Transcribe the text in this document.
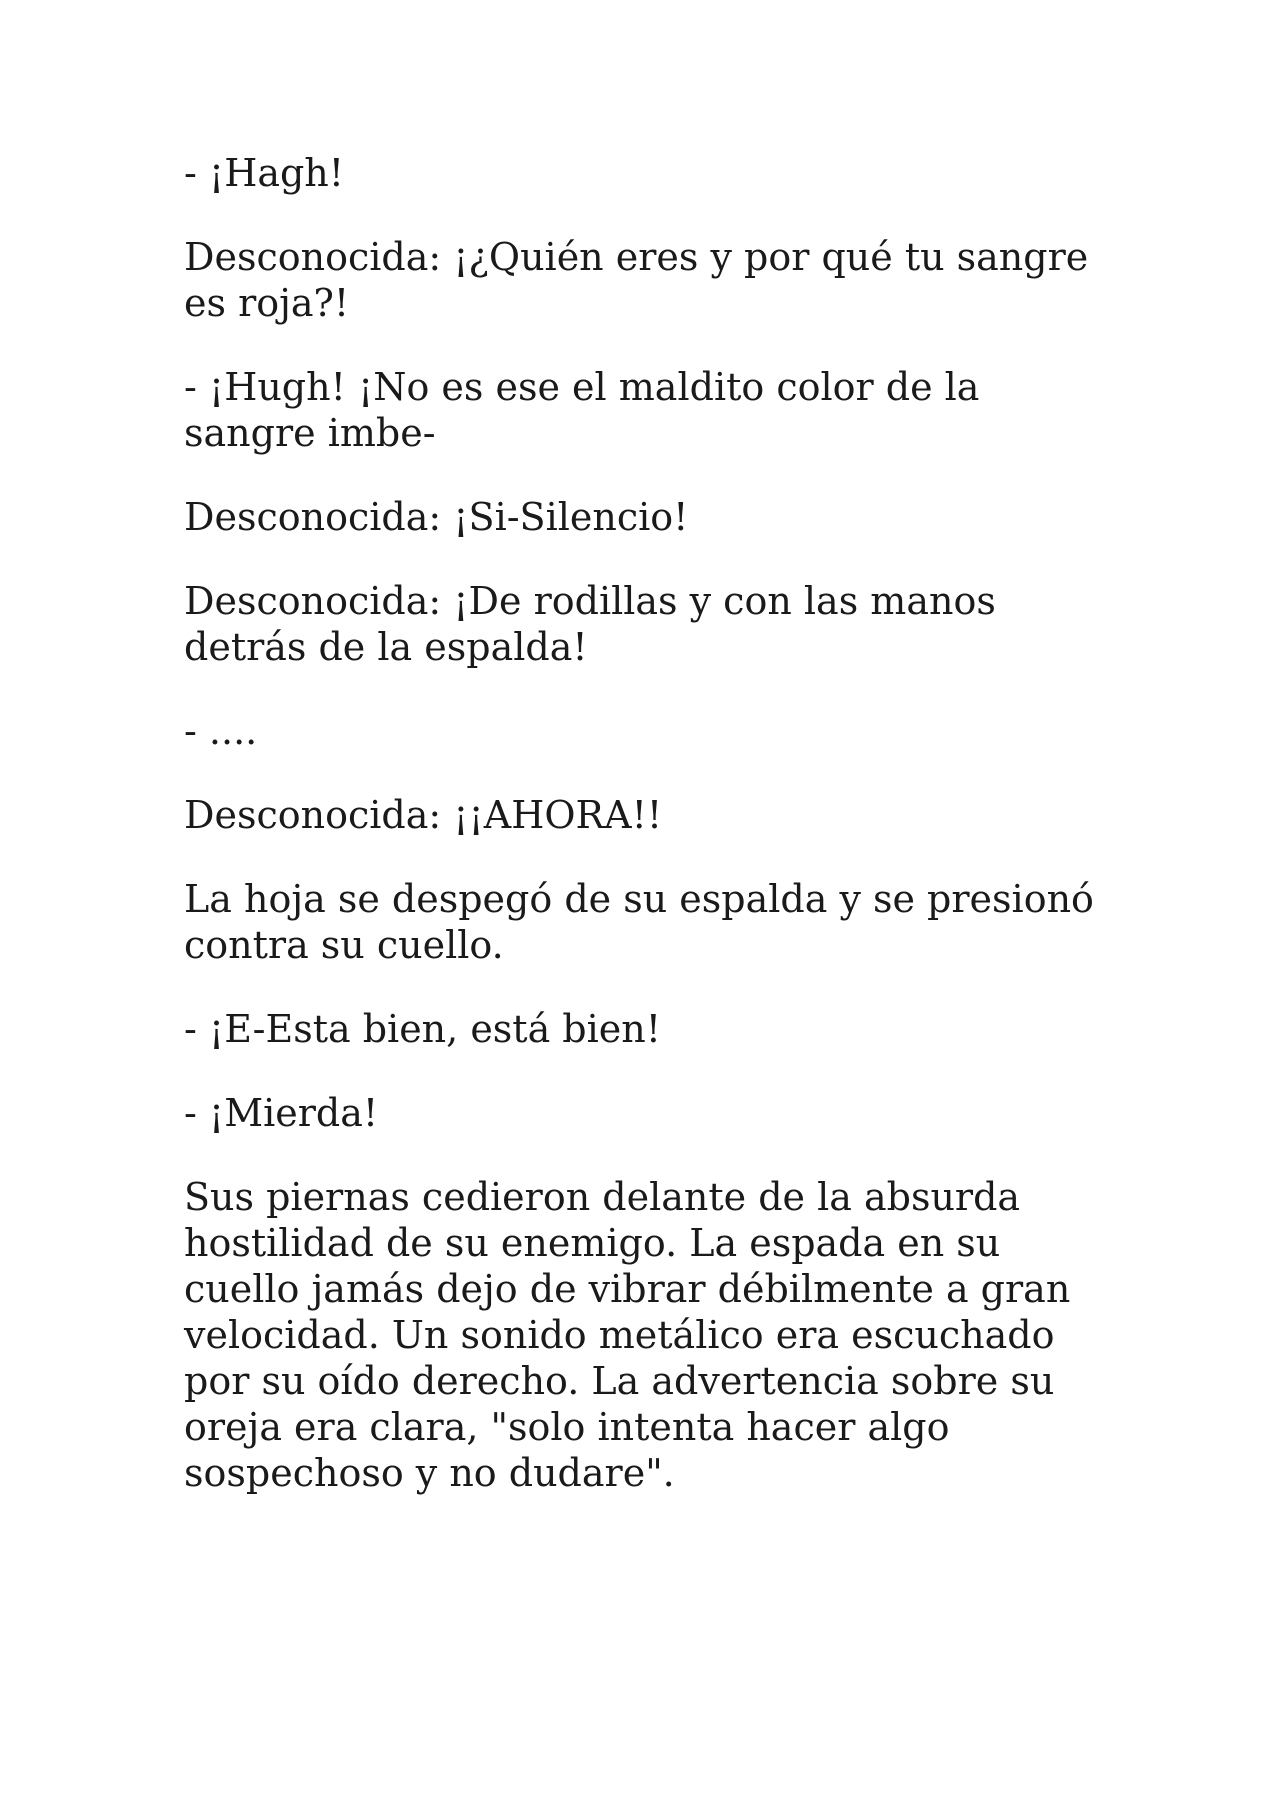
- ¡Hagh!

Desconocida: ¡¿Quién eres y por qué tu sangre es roja?!

- ¡Hugh! ¡No es ese el maldito color de la sangre imbe-

Desconocida: ¡Si-Silencio!

Desconocida: ¡De rodillas y con las manos detrás de la espalda!

- ....

Desconocida: ¡¡AHORA!!

La hoja se despegó de su espalda y se presionó contra su cuello.

- ¡E-Esta bien, está bien!

- ¡Mierda!

Sus piernas cedieron delante de la absurda hostilidad de su enemigo. La espada en su cuello jamás dejo de vibrar débilmente a gran velocidad. Un sonido metálico era escuchado por su oído derecho. La advertencia sobre su oreja era clara, "solo intenta hacer algo sospechoso y no dudare".
